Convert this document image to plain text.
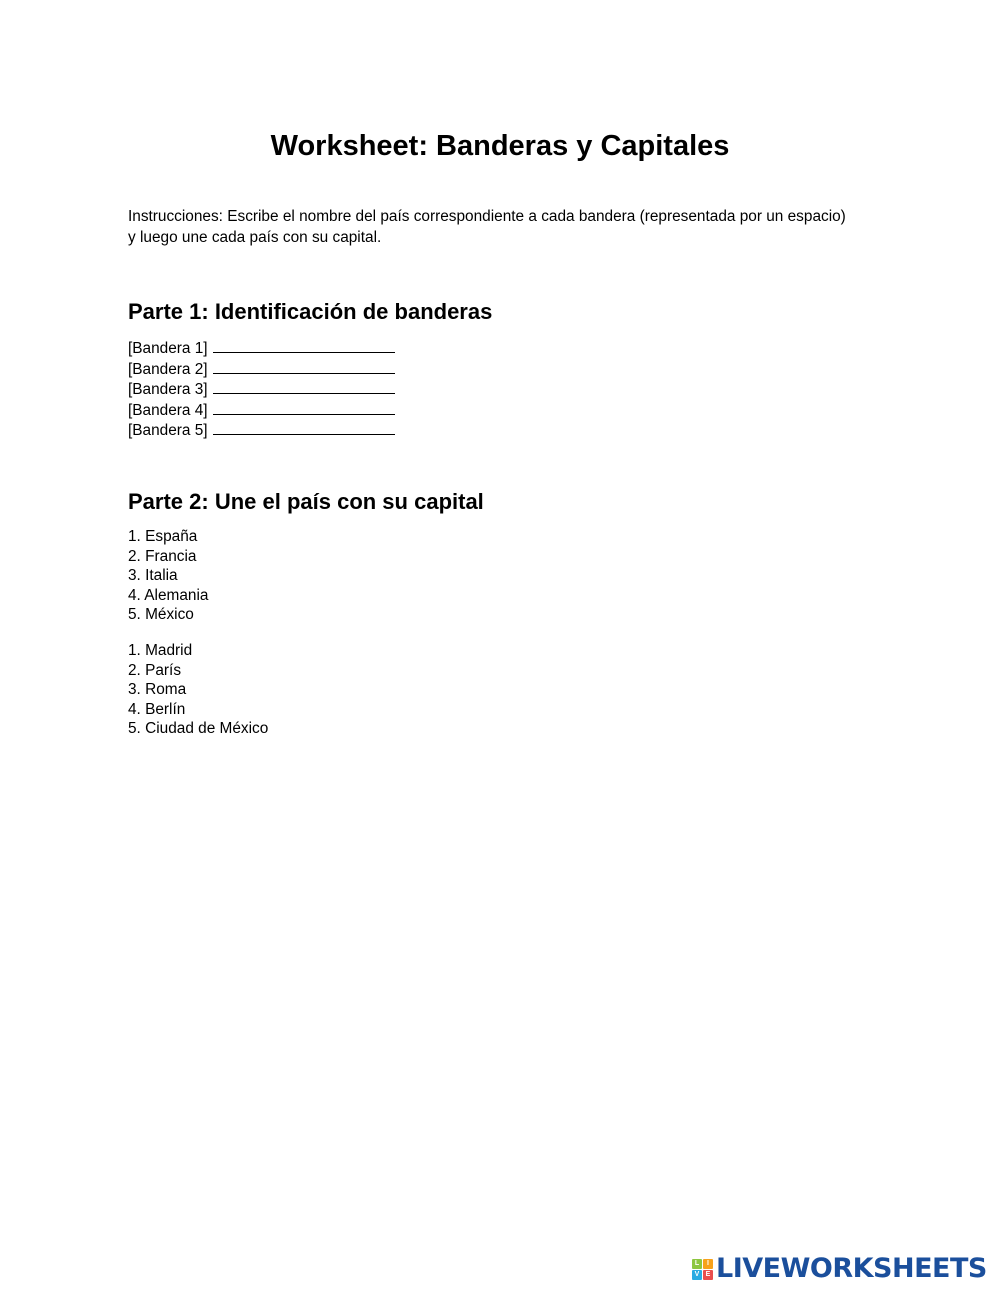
Worksheet: Banderas y Capitales

Instrucciones: Escribe el nombre del país correspondiente a cada bandera (representada por un espacio) y luego une cada país con su capital.

Parte 1: Identificación de banderas
[Bandera 1]
[Bandera 2]
[Bandera 3]
[Bandera 4]
[Bandera 5]
Parte 2: Une el país con su capital
1. España
2. Francia
3. Italia
4. Alemania
5. México
1. Madrid
2. París
3. Roma
4. Berlín
5. Ciudad de México
L	I
V E LIVEWORKSHEETS
